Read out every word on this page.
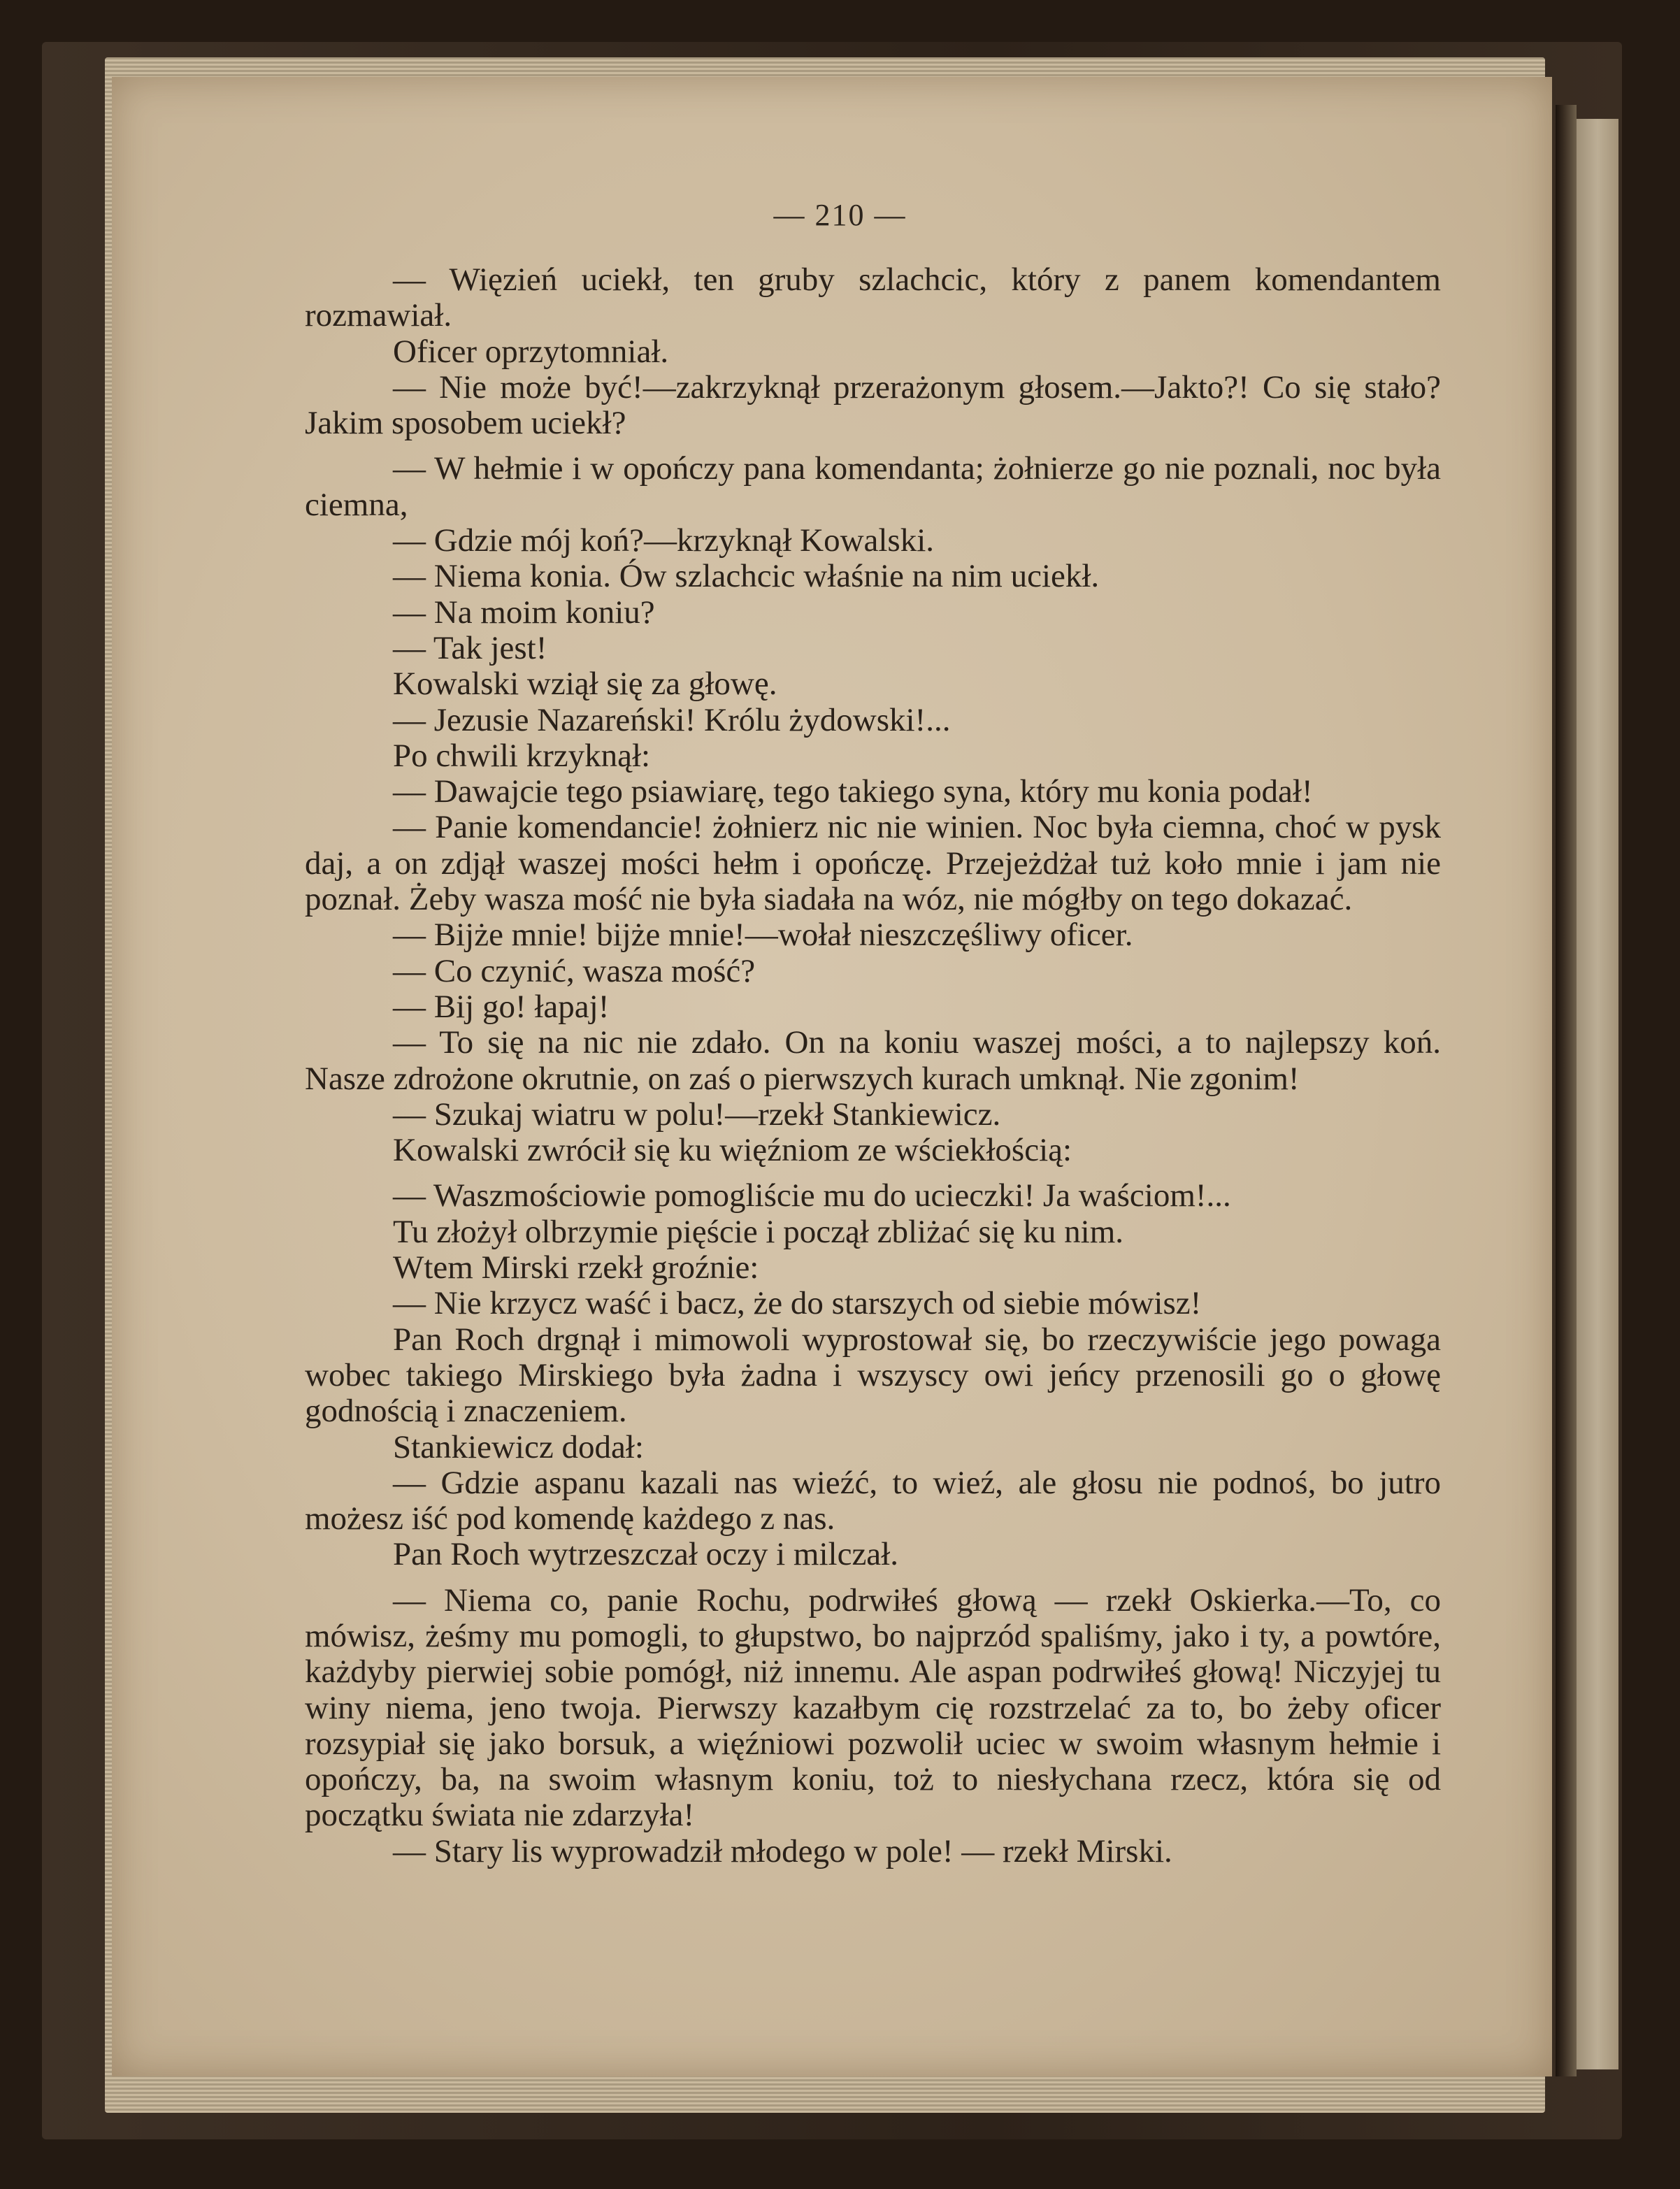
— 210 —

— Więzień uciekł, ten gruby szlachcic, który z panem komendantem rozmawiał.

Oficer oprzytomniał.

— Nie może być!—zakrzyknął przerażonym głosem.—Jakto?! Co się stało? Jakim sposobem uciekł?

— W hełmie i w opończy pana komendanta; żołnierze go nie poznali, noc była ciemna,

— Gdzie mój koń?—krzyknął Kowalski.

— Niema konia. Ów szlachcic właśnie na nim uciekł.

— Na moim koniu?

— Tak jest!

Kowalski wziął się za głowę.

— Jezusie Nazareński! Królu żydowski!...

Po chwili krzyknął:

— Dawajcie tego psiawiarę, tego takiego syna, który mu konia podał!

— Panie komendancie! żołnierz nic nie winien. Noc była ciemna, choć w pysk daj, a on zdjął waszej mości hełm i opończę. Przejeżdżał tuż koło mnie i jam nie poznał. Żeby wasza mość nie była siadała na wóz, nie mógłby on tego dokazać.

— Bijże mnie! bijże mnie!—wołał nieszczęśliwy oficer.

— Co czynić, wasza mość?

— Bij go! łapaj!

— To się na nic nie zdało. On na koniu waszej mości, a to najlepszy koń. Nasze zdrożone okrutnie, on zaś o pierwszych kurach umknął. Nie zgonim!

— Szukaj wiatru w polu!—rzekł Stankiewicz.

Kowalski zwrócił się ku więźniom ze wściekłością:

— Waszmościowie pomogliście mu do ucieczki! Ja waściom!...

Tu złożył olbrzymie pięście i począł zbliżać się ku nim.

Wtem Mirski rzekł groźnie:

— Nie krzycz waść i bacz, że do starszych od siebie mówisz!

Pan Roch drgnął i mimowoli wyprostował się, bo rzeczywiście jego powaga wobec takiego Mirskiego była żadna i wszyscy owi jeńcy przenosili go o głowę godnością i znaczeniem.

Stankiewicz dodał:

— Gdzie aspanu kazali nas wieźć, to wieź, ale głosu nie podnoś, bo jutro możesz iść pod komendę każdego z nas.

Pan Roch wytrzeszczał oczy i milczał.

— Niema co, panie Rochu, podrwiłeś głową — rzekł Oskierka.—To, co mówisz, żeśmy mu pomogli, to głupstwo, bo najprzód spaliśmy, jako i ty, a powtóre, każdyby pierwiej sobie pomógł, niż innemu. Ale aspan podrwiłeś głową! Niczyjej tu winy niema, jeno twoja. Pierwszy kazałbym cię rozstrzelać za to, bo żeby oficer rozsypiał się jako borsuk, a więźniowi pozwolił uciec w swoim własnym hełmie i opończy, ba, na swoim własnym koniu, toż to niesłychana rzecz, która się od początku świata nie zdarzyła!

— Stary lis wyprowadził młodego w pole! — rzekł Mirski.
